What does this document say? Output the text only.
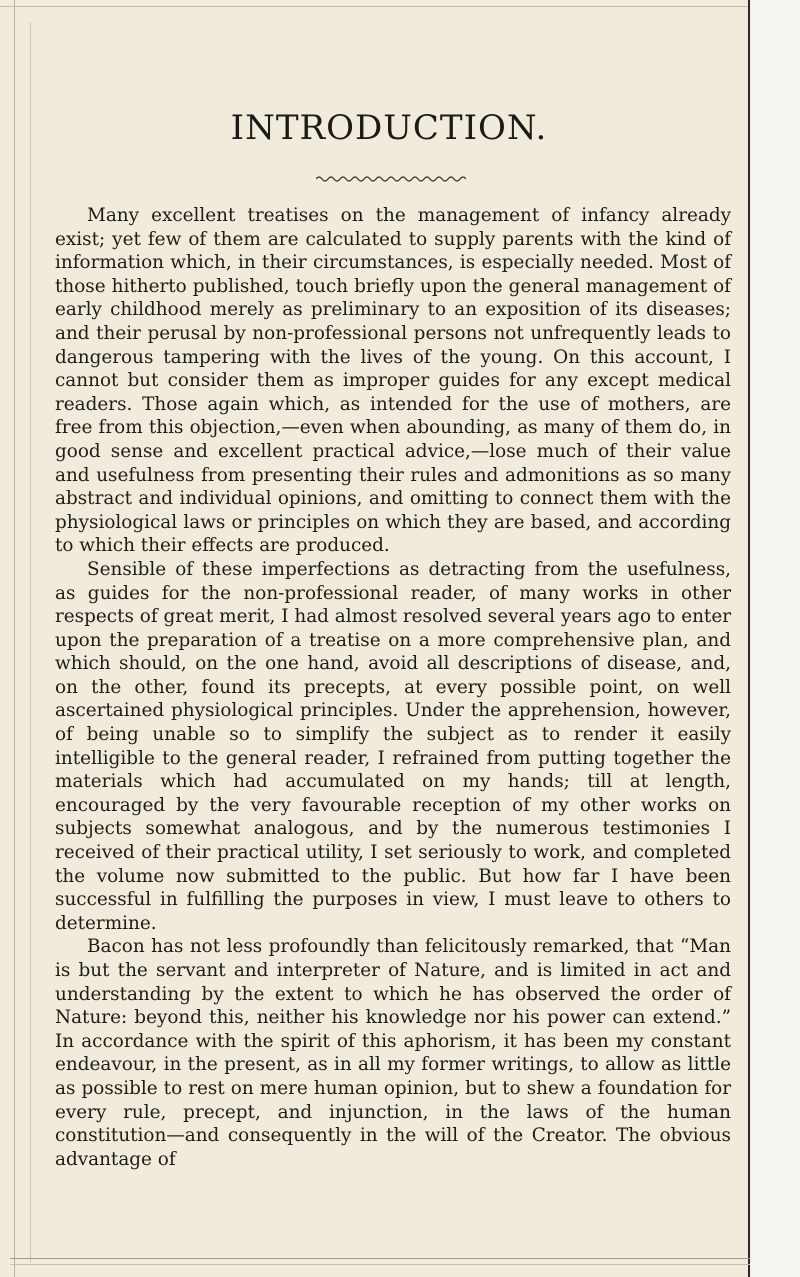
INTRODUCTION.

Many excellent treatises on the management of infancy already exist; yet few of them are calculated to supply parents with the kind of information which, in their circumstances, is especially needed. Most of those hitherto published, touch briefly upon the general management of early childhood merely as preliminary to an exposition of its diseases; and their perusal by non-professional persons not unfrequently leads to dangerous tampering with the lives of the young. On this account, I cannot but consider them as improper guides for any except medical readers. Those again which, as intended for the use of mothers, are free from this objection,—even when abounding, as many of them do, in good sense and excellent practical advice,—lose much of their value and usefulness from presenting their rules and admonitions as so many abstract and individual opinions, and omitting to connect them with the physiological laws or principles on which they are based, and according to which their effects are produced.

Sensible of these imperfections as detracting from the usefulness, as guides for the non-professional reader, of many works in other respects of great merit, I had almost resolved several years ago to enter upon the preparation of a treatise on a more comprehensive plan, and which should, on the one hand, avoid all descriptions of disease, and, on the other, found its precepts, at every possible point, on well ascertained physiological principles. Under the apprehension, however, of being unable so to simplify the subject as to render it easily intelligible to the general reader, I refrained from putting together the materials which had accumulated on my hands; till at length, encouraged by the very favourable reception of my other works on subjects somewhat analogous, and by the numerous testimonies I received of their practical utility, I set seriously to work, and completed the volume now submitted to the public. But how far I have been successful in fulfilling the purposes in view, I must leave to others to determine.

Bacon has not less profoundly than felicitously remarked, that “Man is but the servant and interpreter of Nature, and is limited in act and understanding by the extent to which he has observed the order of Nature: beyond this, neither his knowledge nor his power can extend.” In accordance with the spirit of this aphorism, it has been my constant endeavour, in the present, as in all my former writings, to allow as little as possible to rest on mere human opinion, but to shew a foundation for every rule, precept, and injunction, in the laws of the human constitution—and consequently in the will of the Creator. The obvious advantage of
